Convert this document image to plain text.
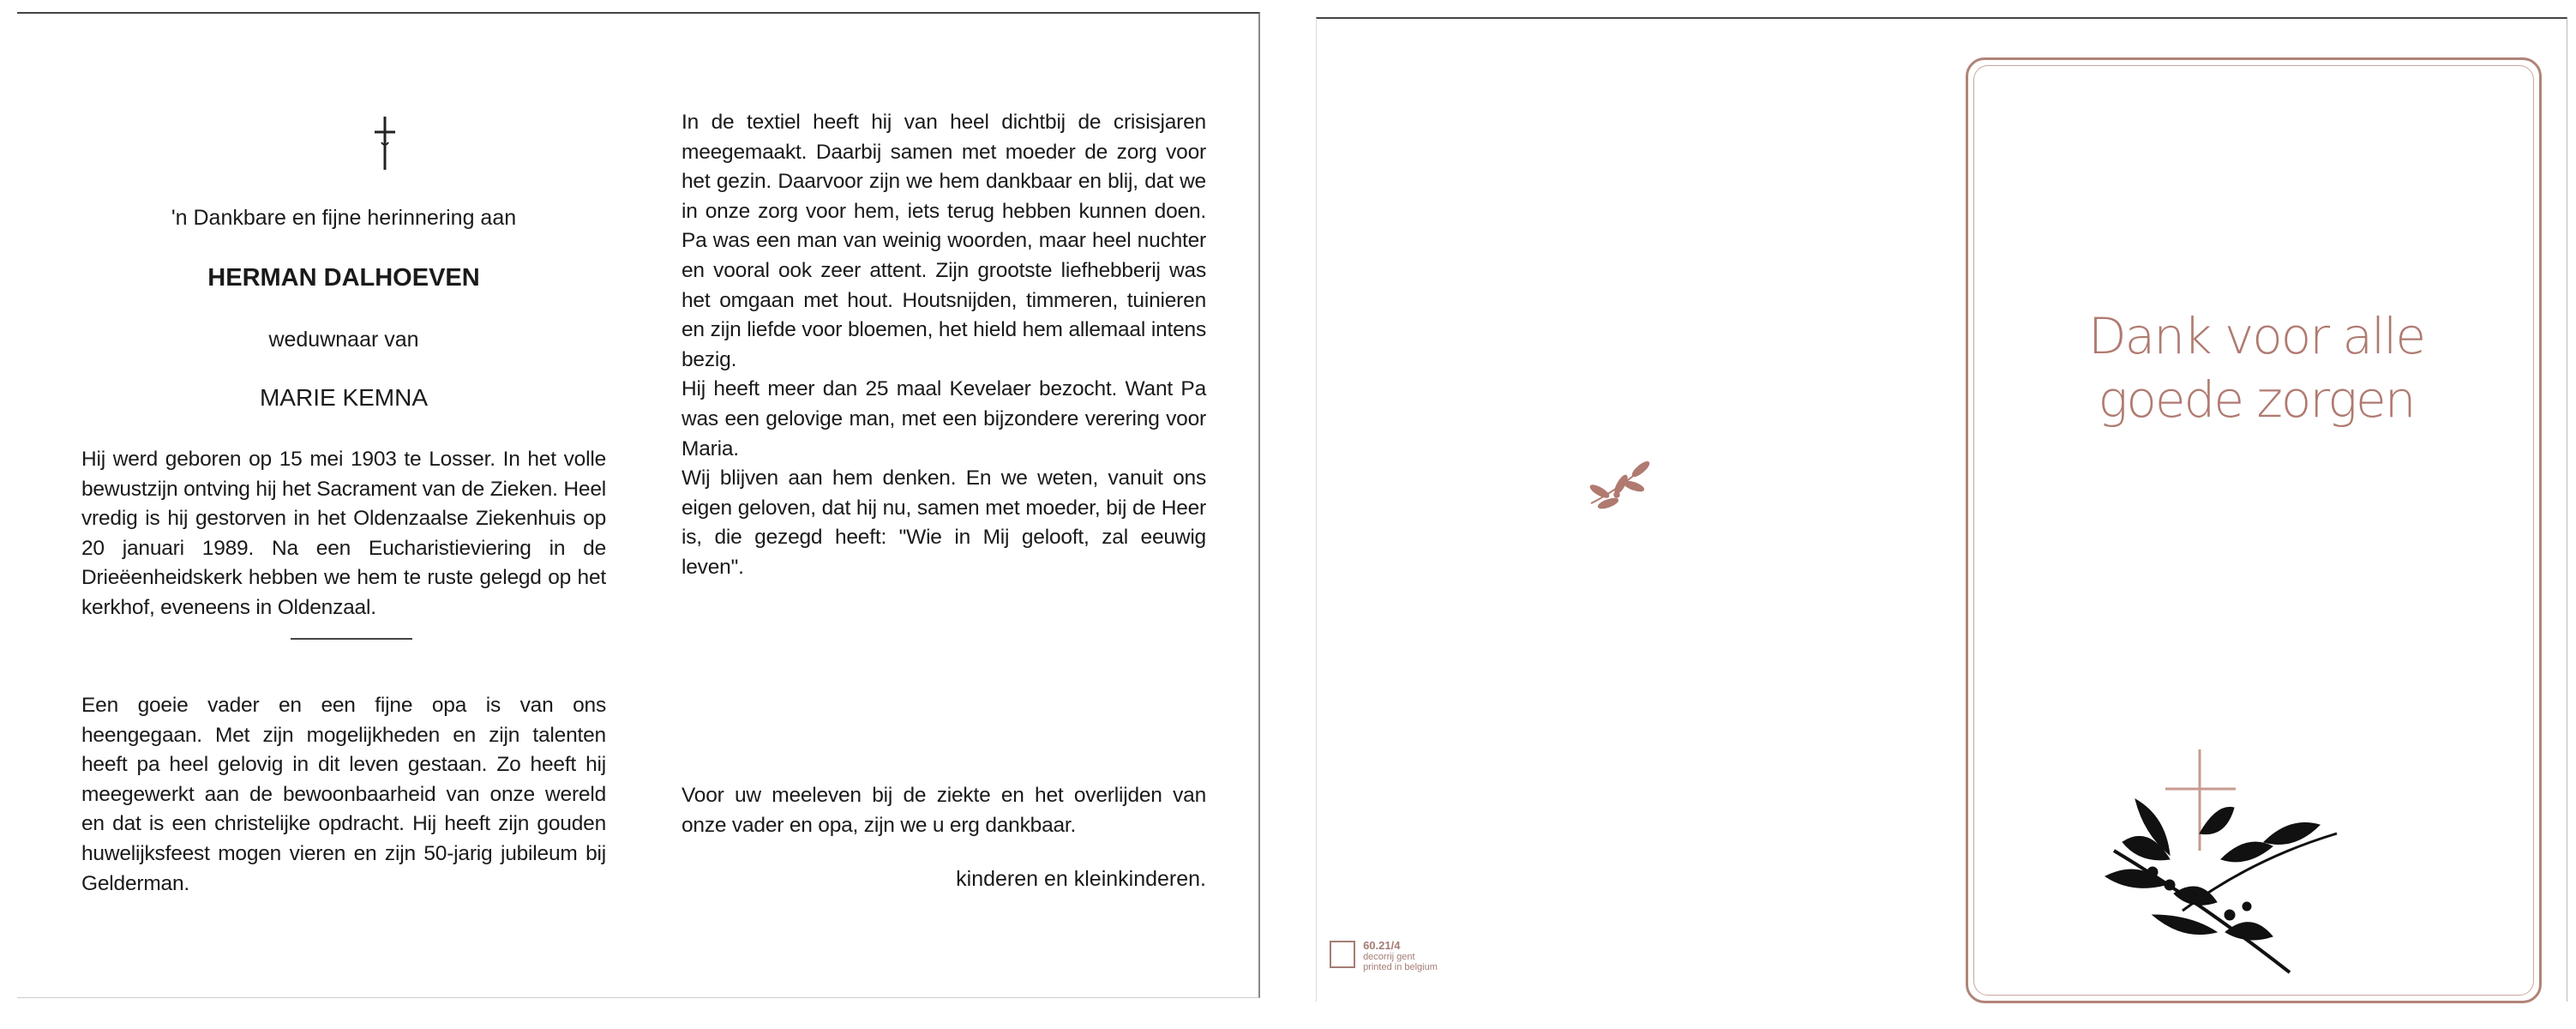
'n Dankbare en fijne herinnering aan
HERMAN DALHOEVEN
weduwnaar van
MARIE KEMNA
Hij werd geboren op 15 mei 1903 te Losser. In het volle bewustzijn ontving hij het Sacrament van de Zieken. Heel vredig is hij gestorven in het Oldenzaalse Ziekenhuis op 20 januari 1989. Na een Eucharistieviering in de Drieëenheidskerk hebben we hem te ruste gelegd op het kerkhof, eveneens in Oldenzaal.
Een goeie vader en een fijne opa is van ons heengegaan. Met zijn mogelijkheden en zijn talenten heeft pa heel gelovig in dit leven gestaan. Zo heeft hij meegewerkt aan de bewoonbaarheid van onze wereld en dat is een christelijke opdracht. Hij heeft zijn gouden huwelijksfeest mogen vieren en zijn 50-jarig jubileum bij Gelderman.
In de textiel heeft hij van heel dichtbij de crisisjaren meegemaakt. Daarbij samen met moeder de zorg voor het gezin. Daarvoor zijn we hem dankbaar en blij, dat we in onze zorg voor hem, iets terug hebben kunnen doen. Pa was een man van weinig woorden, maar heel nuchter en vooral ook zeer attent. Zijn grootste liefhebberij was het omgaan met hout. Houtsnijden, timmeren, tuinieren en zijn liefde voor bloemen, het hield hem allemaal intens bezig.
Hij heeft meer dan 25 maal Kevelaer bezocht. Want Pa was een gelovige man, met een bijzondere verering voor Maria.
Wij blijven aan hem denken. En we weten, vanuit ons eigen geloven, dat hij nu, samen met moeder, bij de Heer is, die gezegd heeft: "Wie in Mij gelooft, zal eeuwig leven".
Voor uw meeleven bij de ziekte en het overlijden van onze vader en opa, zijn we u erg dankbaar.
kinderen en kleinkinderen.
Dank voor alle
goede zorgen
60.21/4
decorrij gent
printed in belgium
